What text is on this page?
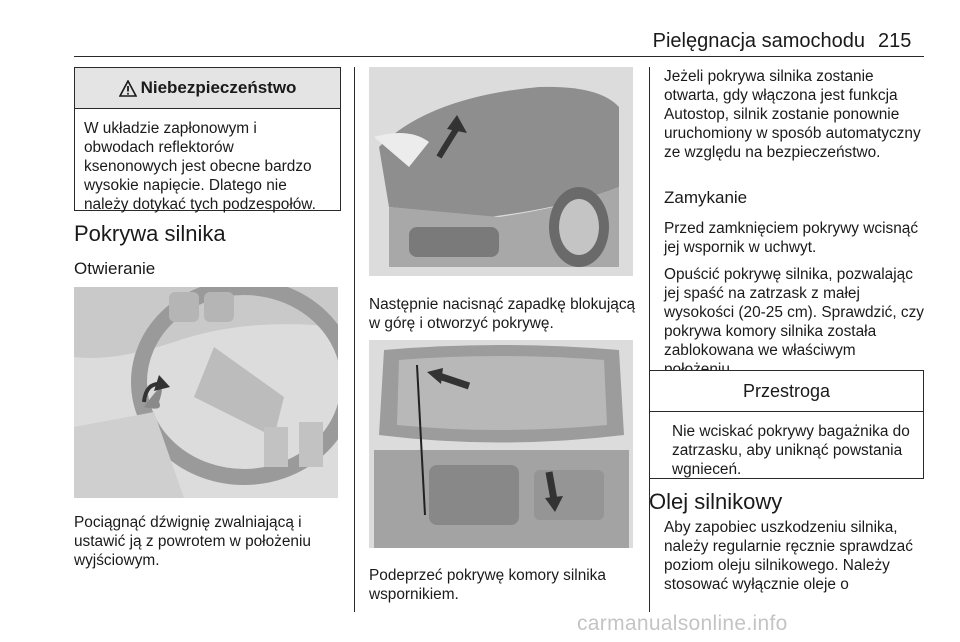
Pielęgnacja samochodu 215
Niebezpieczeństwo
W układzie zapłonowym i obwodach reflektorów ksenonowych jest obecne bardzo wysokie napięcie. Dlatego nie należy dotykać tych podzespołów.
Pokrywa silnika
Otwieranie

Pociągnąć dźwignię zwalniającą i ustawić ją z powrotem w położeniu wyjściowym.

Następnie nacisnąć zapadkę blokującą w górę i otworzyć pokrywę.

Podeprzeć pokrywę komory silnika wspornikiem.

Jeżeli pokrywa silnika zostanie otwarta, gdy włączona jest funkcja Autostop, silnik zostanie ponownie uruchomiony w sposób automatyczny ze względu na bezpieczeństwo.

Zamykanie

Przed zamknięciem pokrywy wcisnąć jej wspornik w uchwyt.

Opuścić pokrywę silnika, pozwalając jej spaść na zatrzask z małej wysokości (20-25 cm). Sprawdzić, czy pokrywa komory silnika została zablokowana we właściwym

Przestroga
Nie wciskać pokrywy bagażnika do zatrzasku, aby uniknąć powstania wgnieceń.
Olej silnikowy

Aby zapobiec uszkodzeniu silnika, należy regularnie ręcznie sprawdzać poziom oleju silnikowego. Należy stosować wyłącznie oleje o

carmanualsonline.info
